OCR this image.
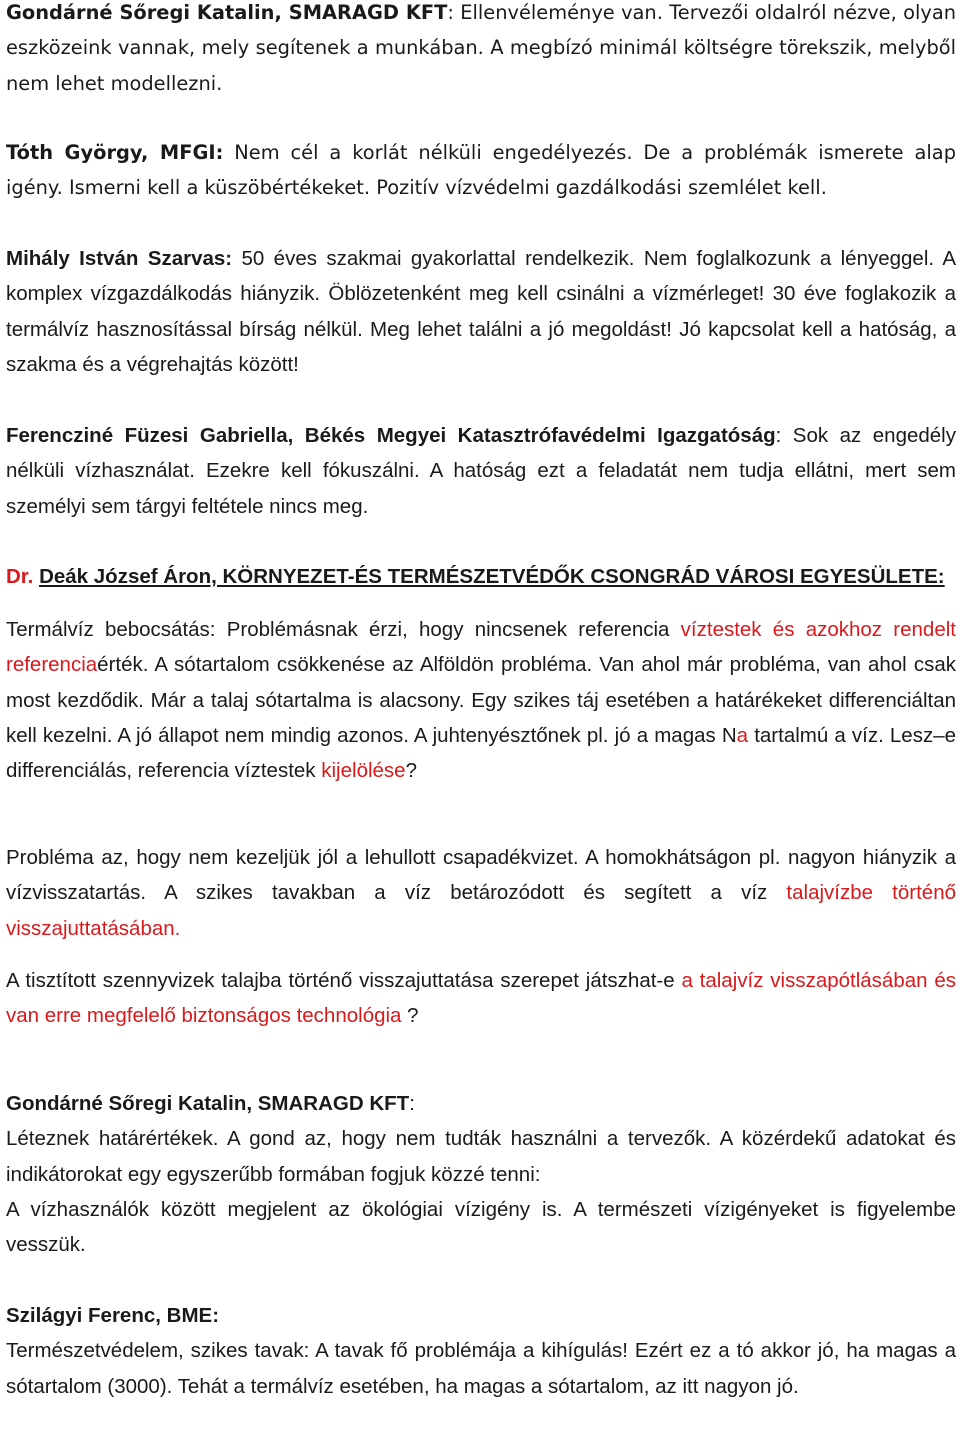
Gondárné Sőregi Katalin, SMARAGD KFT: Ellenvéleménye van. Tervezői oldalról nézve, olyan eszközeink vannak, mely segítenek a munkában. A megbízó minimál költségre törekszik, melyből nem lehet modellezni.

Tóth György, MFGI: Nem cél a korlát nélküli engedélyezés. De a problémák ismerete alap igény. Ismerni kell a küszöbértékeket. Pozitív vízvédelmi gazdálkodási szemlélet kell.

Mihály István Szarvas: 50 éves szakmai gyakorlattal rendelkezik. Nem foglalkozunk a lényeggel. A komplex vízgazdálkodás hiányzik. Öblözetenként meg kell csinálni a vízmérleget! 30 éve foglakozik a termálvíz hasznosítással bírság nélkül. Meg lehet találni a jó megoldást! Jó kapcsolat kell a hatóság, a szakma és a végrehajtás között!

Ferencziné Füzesi Gabriella, Békés Megyei Katasztrófavédelmi Igazgatóság: Sok az engedély nélküli vízhasználat. Ezekre kell fókuszálni. A hatóság ezt a feladatát nem tudja ellátni, mert sem személyi sem tárgyi feltétele nincs meg.

Dr. Deák József Áron, KÖRNYEZET-ÉS TERMÉSZETVÉDŐK CSONGRÁD VÁROSI EGYESÜLETE:

Termálvíz bebocsátás: Problémásnak érzi, hogy nincsenek referencia víztestek és azokhoz rendelt referenciaérték. A sótartalom csökkenése az Alföldön probléma. Van ahol már probléma, van ahol csak most kezdődik. Már a talaj sótartalma is alacsony. Egy szikes táj esetében a határékeket differenciáltan kell kezelni. A jó állapot nem mindig azonos. A juhtenyésztőnek pl. jó a magas Na tartalmú a víz. Lesz–e differenciálás, referencia víztestek kijelölése?

Probléma az, hogy nem kezeljük jól a lehullott csapadékvizet. A homokhátságon pl. nagyon hiányzik a vízvisszatartás. A szikes tavakban a víz betározódott és segített a víz talajvízbe történő visszajuttatásában.

A tisztított szennyvizek talajba történő visszajuttatása szerepet játszhat-e a talajvíz visszapótlásában és van erre megfelelő biztonságos technológia ?

Gondárné Sőregi Katalin, SMARAGD KFT:
Léteznek határértékek. A gond az, hogy nem tudták használni a tervezők. A közérdekű adatokat és indikátorokat egy egyszerűbb formában fogjuk közzé tenni:
A vízhasználók között megjelent az ökológiai vízigény is. A természeti vízigényeket is figyelembe vesszük.

Szilágyi Ferenc, BME:
Természetvédelem, szikes tavak: A tavak fő problémája a kihígulás! Ezért ez a tó akkor jó, ha magas a sótartalom (3000). Tehát a termálvíz esetében, ha magas a sótartalom, az itt nagyon jó.
